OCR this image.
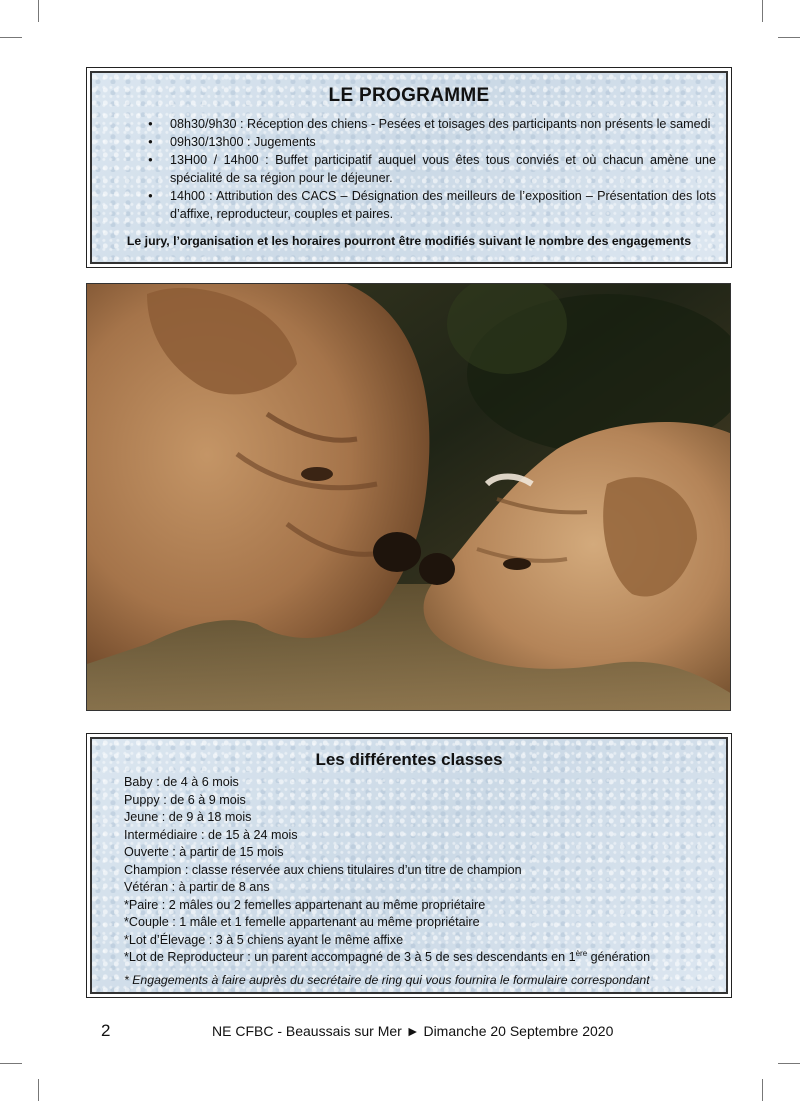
LE PROGRAMME
● 08h30/9h30 : Réception des chiens - Pesées et toisages des participants non présents le samedi
● 09h30/13h00 : Jugements
● 13H00 / 14h00 : Buffet participatif auquel vous êtes tous conviés et où chacun amène une spécialité de sa région pour le déjeuner.
● 14h00 : Attribution des CACS – Désignation des meilleurs de l’exposition – Présentation des lots d’affixe, reproducteur, couples et paires.

Le jury, l’organisation et les horaires pourront être modifiés suivant le nombre des engagements

Les différentes classes
Baby : de 4 à 6 mois
Puppy : de 6 à 9 mois
Jeune : de 9 à 18 mois
Intermédiaire : de 15 à 24 mois
Ouverte : à partir de 15 mois
Champion : classe réservée aux chiens titulaires d’un titre de champion
Vétéran : à partir de 8 ans
*Paire : 2 mâles ou 2 femelles appartenant au même propriétaire
*Couple : 1 mâle et 1 femelle appartenant au même propriétaire
*Lot d’Élevage : 3 à 5 chiens ayant le même affixe
*Lot de Reproducteur : un parent accompagné de 3 à 5 de ses descendants en 1ère génération
* Engagements à faire auprès du secrétaire de ring qui vous fournira le formulaire correspondant
2	NE CFBC - Beaussais sur Mer ► Dimanche 20 Septembre 2020
